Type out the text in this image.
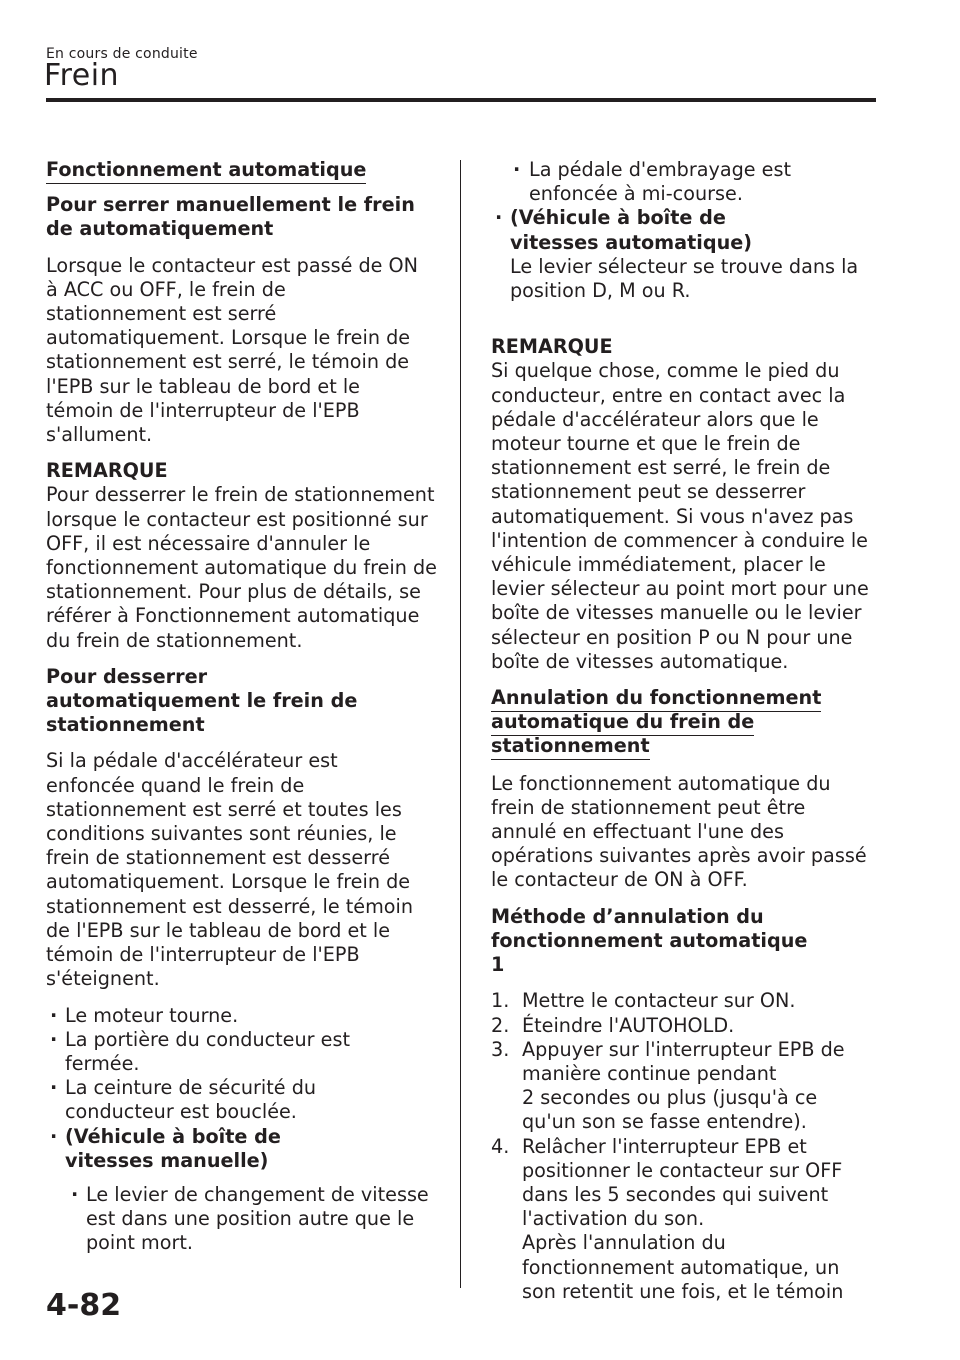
En cours de conduite
Frein
Fonctionnement automatique

Pour serrer manuellement le frein de automatiquement

Lorsque le contacteur est passé de ON à ACC ou OFF, le frein de stationnement est serré automatiquement. Lorsque le frein de stationnement est serré, le témoin de l'EPB sur le tableau de bord et le témoin de l'interrupteur de l'EPB s'allument.

REMARQUE

Pour desserrer le frein de stationnement lorsque le contacteur est positionné sur OFF, il est nécessaire d'annuler le fonctionnement automatique du frein de stationnement. Pour plus de détails, se référer à Fonctionnement automatique du frein de stationnement.

Pour desserrer automatiquement le frein de stationnement

Si la pédale d'accélérateur est enfoncée quand le frein de stationnement est serré et toutes les conditions suivantes sont réunies, le frein de stationnement est desserré automatiquement. Lorsque le frein de stationnement est desserré, le témoin de l'EPB sur le tableau de bord et le témoin de l'interrupteur de l'EPB s'éteignent.

· Le moteur tourne.
· La portière du conducteur est fermée.
· La ceinture de sécurité du conducteur est bouclée.
· (Véhicule à boîte de vitesses manuelle)
· Le levier de changement de vitesse est dans une position autre que le point mort.
· La pédale d'embrayage est enfoncée à mi-course.
· (Véhicule à boîte de vitesses automatique)
Le levier sélecteur se trouve dans la position D, M ou R.

REMARQUE

Si quelque chose, comme le pied du conducteur, entre en contact avec la pédale d'accélérateur alors que le moteur tourne et que le frein de stationnement est serré, le frein de stationnement peut se desserrer automatiquement. Si vous n'avez pas l'intention de commencer à conduire le véhicule immédiatement, placer le levier sélecteur au point mort pour une boîte de vitesses manuelle ou le levier sélecteur en position P ou N pour une boîte de vitesses automatique.

Annulation du fonctionnement
automatique du frein de
stationnement

Le fonctionnement automatique du frein de stationnement peut être annulé en effectuant l'une des opérations suivantes après avoir passé le contacteur de ON à OFF.

Méthode d’annulation du fonctionnement automatique 1

1. Mettre le contacteur sur ON.
2. Éteindre l'AUTOHOLD.
3. Appuyer sur l'interrupteur EPB de manière continue pendant
2 secondes ou plus (jusqu'à ce qu'un son se fasse entendre).
4. Relâcher l'interrupteur EPB et positionner le contacteur sur OFF dans les 5 secondes qui suivent l'activation du son.
Après l'annulation du fonctionnement automatique, un son retentit une fois, et le témoin
4-82
